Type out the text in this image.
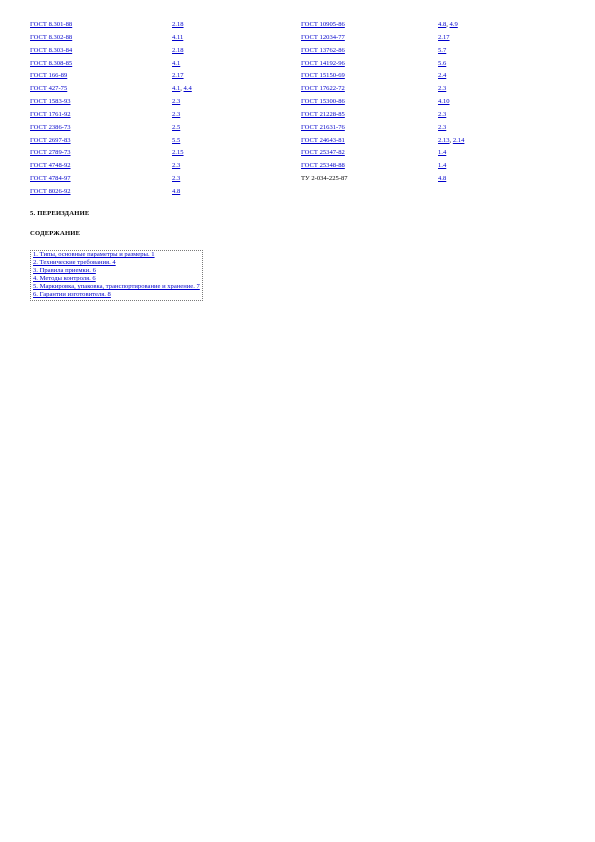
ГОСТ 8.301-88	2.18	ГОСТ 10905-86	4.8, 4.9
ГОСТ 8.302-88	4.11	ГОСТ 12034-77	2.17
ГОСТ 8.303-84	2.18	ГОСТ 13762-86	5.7
ГОСТ 8.308-85	4.1	ГОСТ 14192-96	5.6
ГОСТ 166-89	2.17	ГОСТ 15150-69	2.4
ГОСТ 427-75	4.1, 4.4	ГОСТ 17622-72	2.3
ГОСТ 1583-93	2.3	ГОСТ 15300-86	4.10
ГОСТ 1761-92	2.3	ГОСТ 21228-85	2.3
ГОСТ 2386-73	2.5	ГОСТ 21631-76	2.3
ГОСТ 2697-83	5.5	ГОСТ 24643-81	2.13, 2.14
ГОСТ 2789-73	2.15	ГОСТ 25347-82	1.4
ГОСТ 4748-92	2.3	ГОСТ 25348-88	1.4
ГОСТ 4784-97	2.3	ТУ 2-034-225-87	4.8
ГОСТ 8026-92	4.8		
5. ПЕРЕИЗДАНИЕ
СОДЕРЖАНИЕ
1. Типы, основные параметры и размеры. 1
2. Технические требования. 4
3. Правила приемки. 6
4. Методы контроля. 6
5. Маркировка, упаковка, транспортирование и хранение. 7
6. Гарантии изготовителя. 8
